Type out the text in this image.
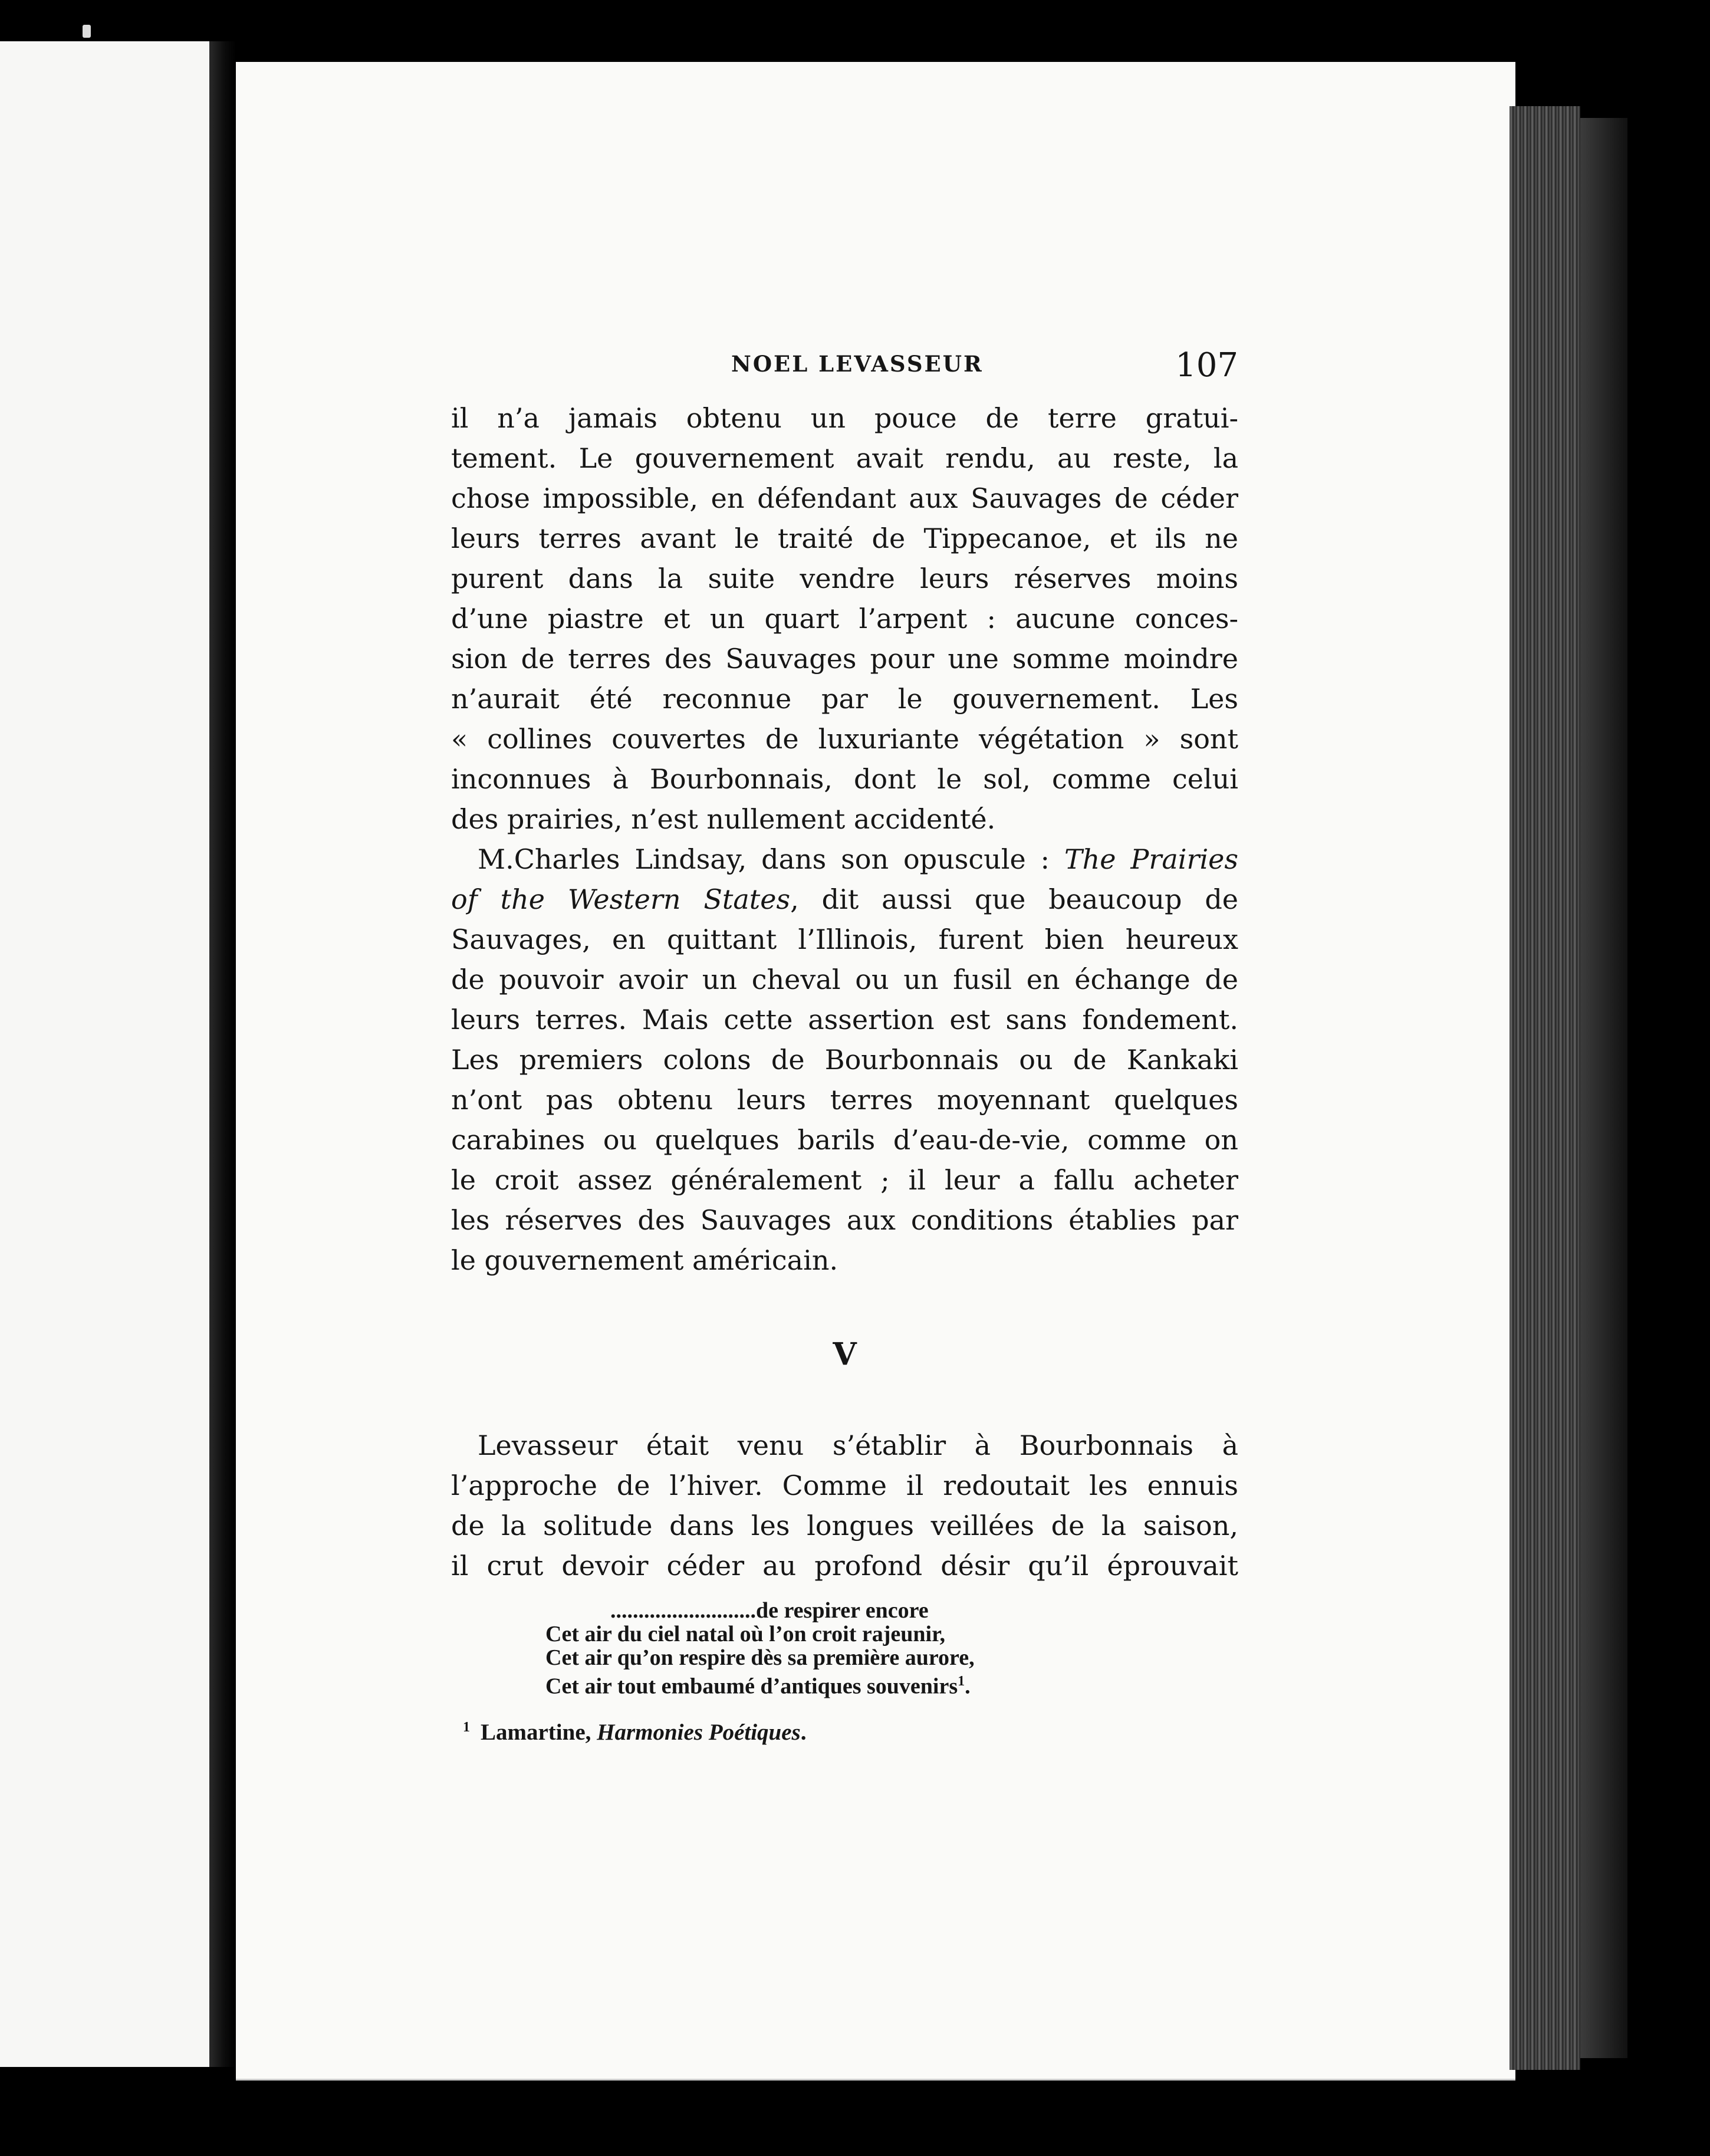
NOEL LEVASSEUR	107

il n’a jamais obtenu un pouce de terre gratui-
tement. Le gouvernement avait rendu, au reste, la
chose impossible, en défendant aux Sauvages de céder
leurs terres avant le traité de Tippecanoe, et ils ne
purent dans la suite vendre leurs réserves moins
d’une piastre et un quart l’arpent : aucune conces-
sion de terres des Sauvages pour une somme moindre
n’aurait été reconnue par le gouvernement. Les
« collines couvertes de luxuriante végétation » sont
inconnues à Bourbonnais, dont le sol, comme celui
des prairies, n’est nullement accidenté.

M.Charles Lindsay, dans son opuscule : The Prairies
of the Western States, dit aussi que beaucoup de
Sauvages, en quittant l’Illinois, furent bien heureux
de pouvoir avoir un cheval ou un fusil en échange de
leurs terres. Mais cette assertion est sans fondement.
Les premiers colons de Bourbonnais ou de Kankaki
n’ont pas obtenu leurs terres moyennant quelques
carabines ou quelques barils d’eau-de-vie, comme on
le croit assez généralement ; il leur a fallu acheter
les réserves des Sauvages aux conditions établies par
le gouvernement américain.

V

Levasseur était venu s’établir à Bourbonnais à
l’approche de l’hiver. Comme il redoutait les ennuis
de la solitude dans les longues veillées de la saison,
il crut devoir céder au profond désir qu’il éprouvait

..........................de respirer encore
Cet air du ciel natal où l’on croit rajeunir,
Cet air qu’on respire dès sa première aurore,
Cet air tout embaumé d’antiques souvenirs$^1$.
$^1$ Lamartine, Harmonies Poétiques.
